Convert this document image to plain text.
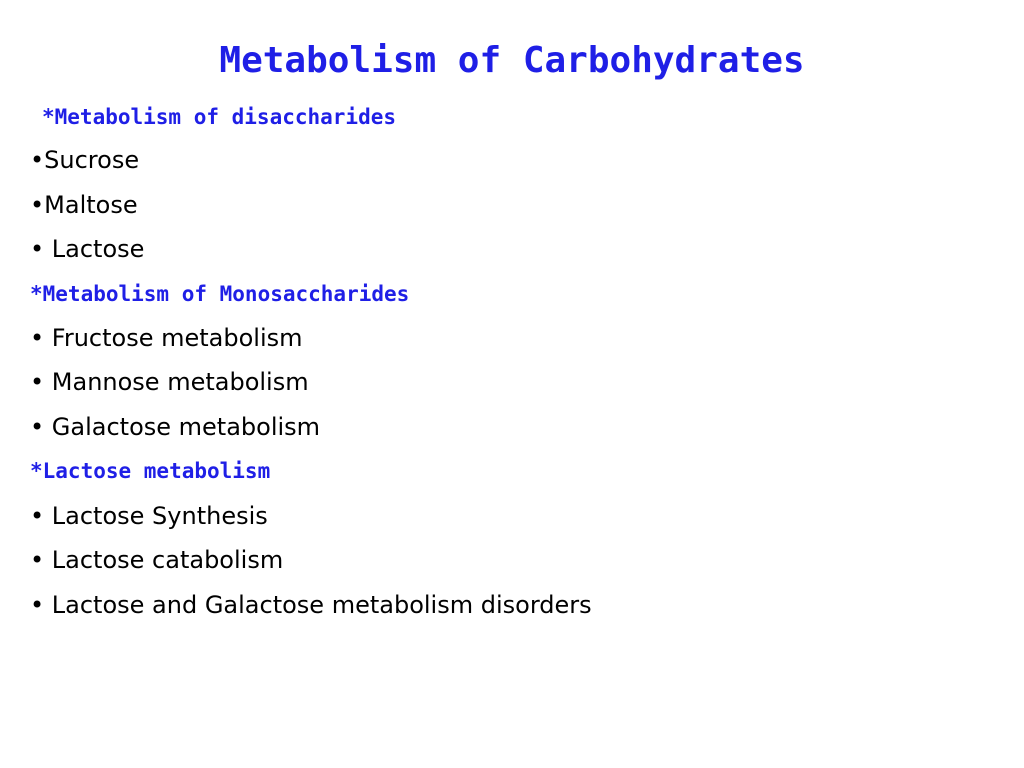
Metabolism of Carbohydrates
*Metabolism of disaccharides
•Sucrose
•Maltose
• Lactose
*Metabolism of Monosaccharides
• Fructose metabolism
• Mannose metabolism
• Galactose metabolism
*Lactose metabolism
• Lactose Synthesis
• Lactose catabolism
• Lactose and Galactose metabolism disorders
